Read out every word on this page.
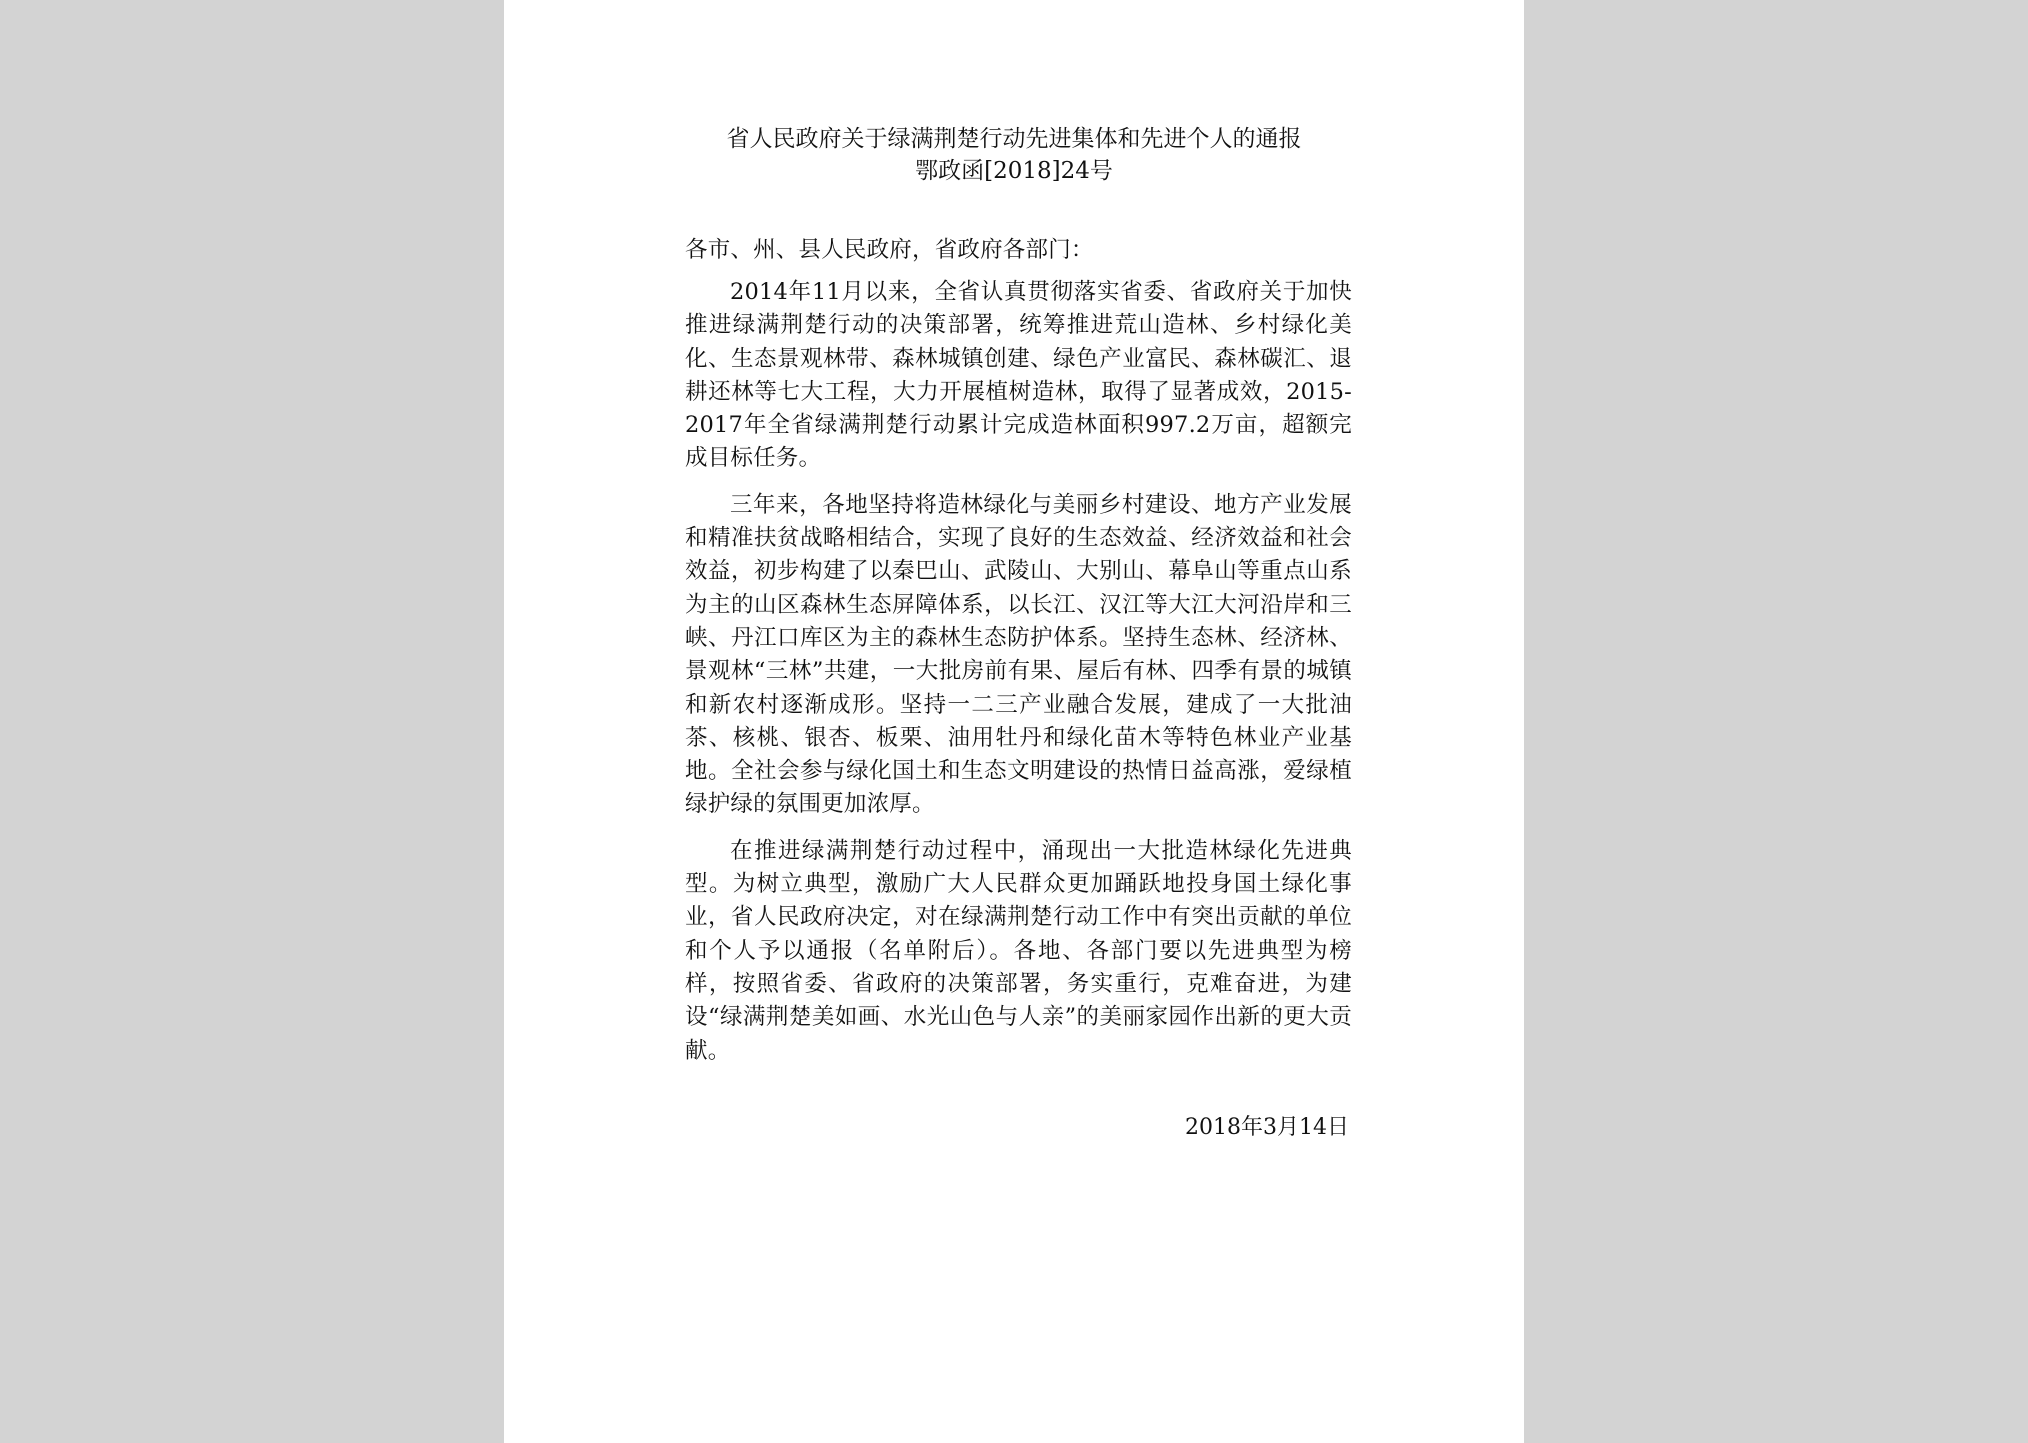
省人民政府关于绿满荆楚行动先进集体和先进个人的通报
鄂政函[2018]24号

各市、州、县人民政府，省政府各部门：

2014年11月以来，全省认真贯彻落实省委、省政府关于加快推进绿满荆楚行动的决策部署，统筹推进荒山造林、乡村绿化美化、生态景观林带、森林城镇创建、绿色产业富民、森林碳汇、退耕还林等七大工程，大力开展植树造林，取得了显著成效，2015-2017年全省绿满荆楚行动累计完成造林面积997.2万亩，超额完成目标任务。

三年来，各地坚持将造林绿化与美丽乡村建设、地方产业发展和精准扶贫战略相结合，实现了良好的生态效益、经济效益和社会效益，初步构建了以秦巴山、武陵山、大别山、幕阜山等重点山系为主的山区森林生态屏障体系，以长江、汉江等大江大河沿岸和三峡、丹江口库区为主的森林生态防护体系。坚持生态林、经济林、景观林“三林”共建，一大批房前有果、屋后有林、四季有景的城镇和新农村逐渐成形。坚持一二三产业融合发展，建成了一大批油茶、核桃、银杏、板栗、油用牡丹和绿化苗木等特色林业产业基地。全社会参与绿化国土和生态文明建设的热情日益高涨，爱绿植绿护绿的氛围更加浓厚。

在推进绿满荆楚行动过程中，涌现出一大批造林绿化先进典型。为树立典型，激励广大人民群众更加踊跃地投身国土绿化事业，省人民政府决定，对在绿满荆楚行动工作中有突出贡献的单位和个人予以通报（名单附后）。各地、各部门要以先进典型为榜样，按照省委、省政府的决策部署，务实重行，克难奋进，为建设“绿满荆楚美如画、水光山色与人亲”的美丽家园作出新的更大贡献。

2018年3月14日
